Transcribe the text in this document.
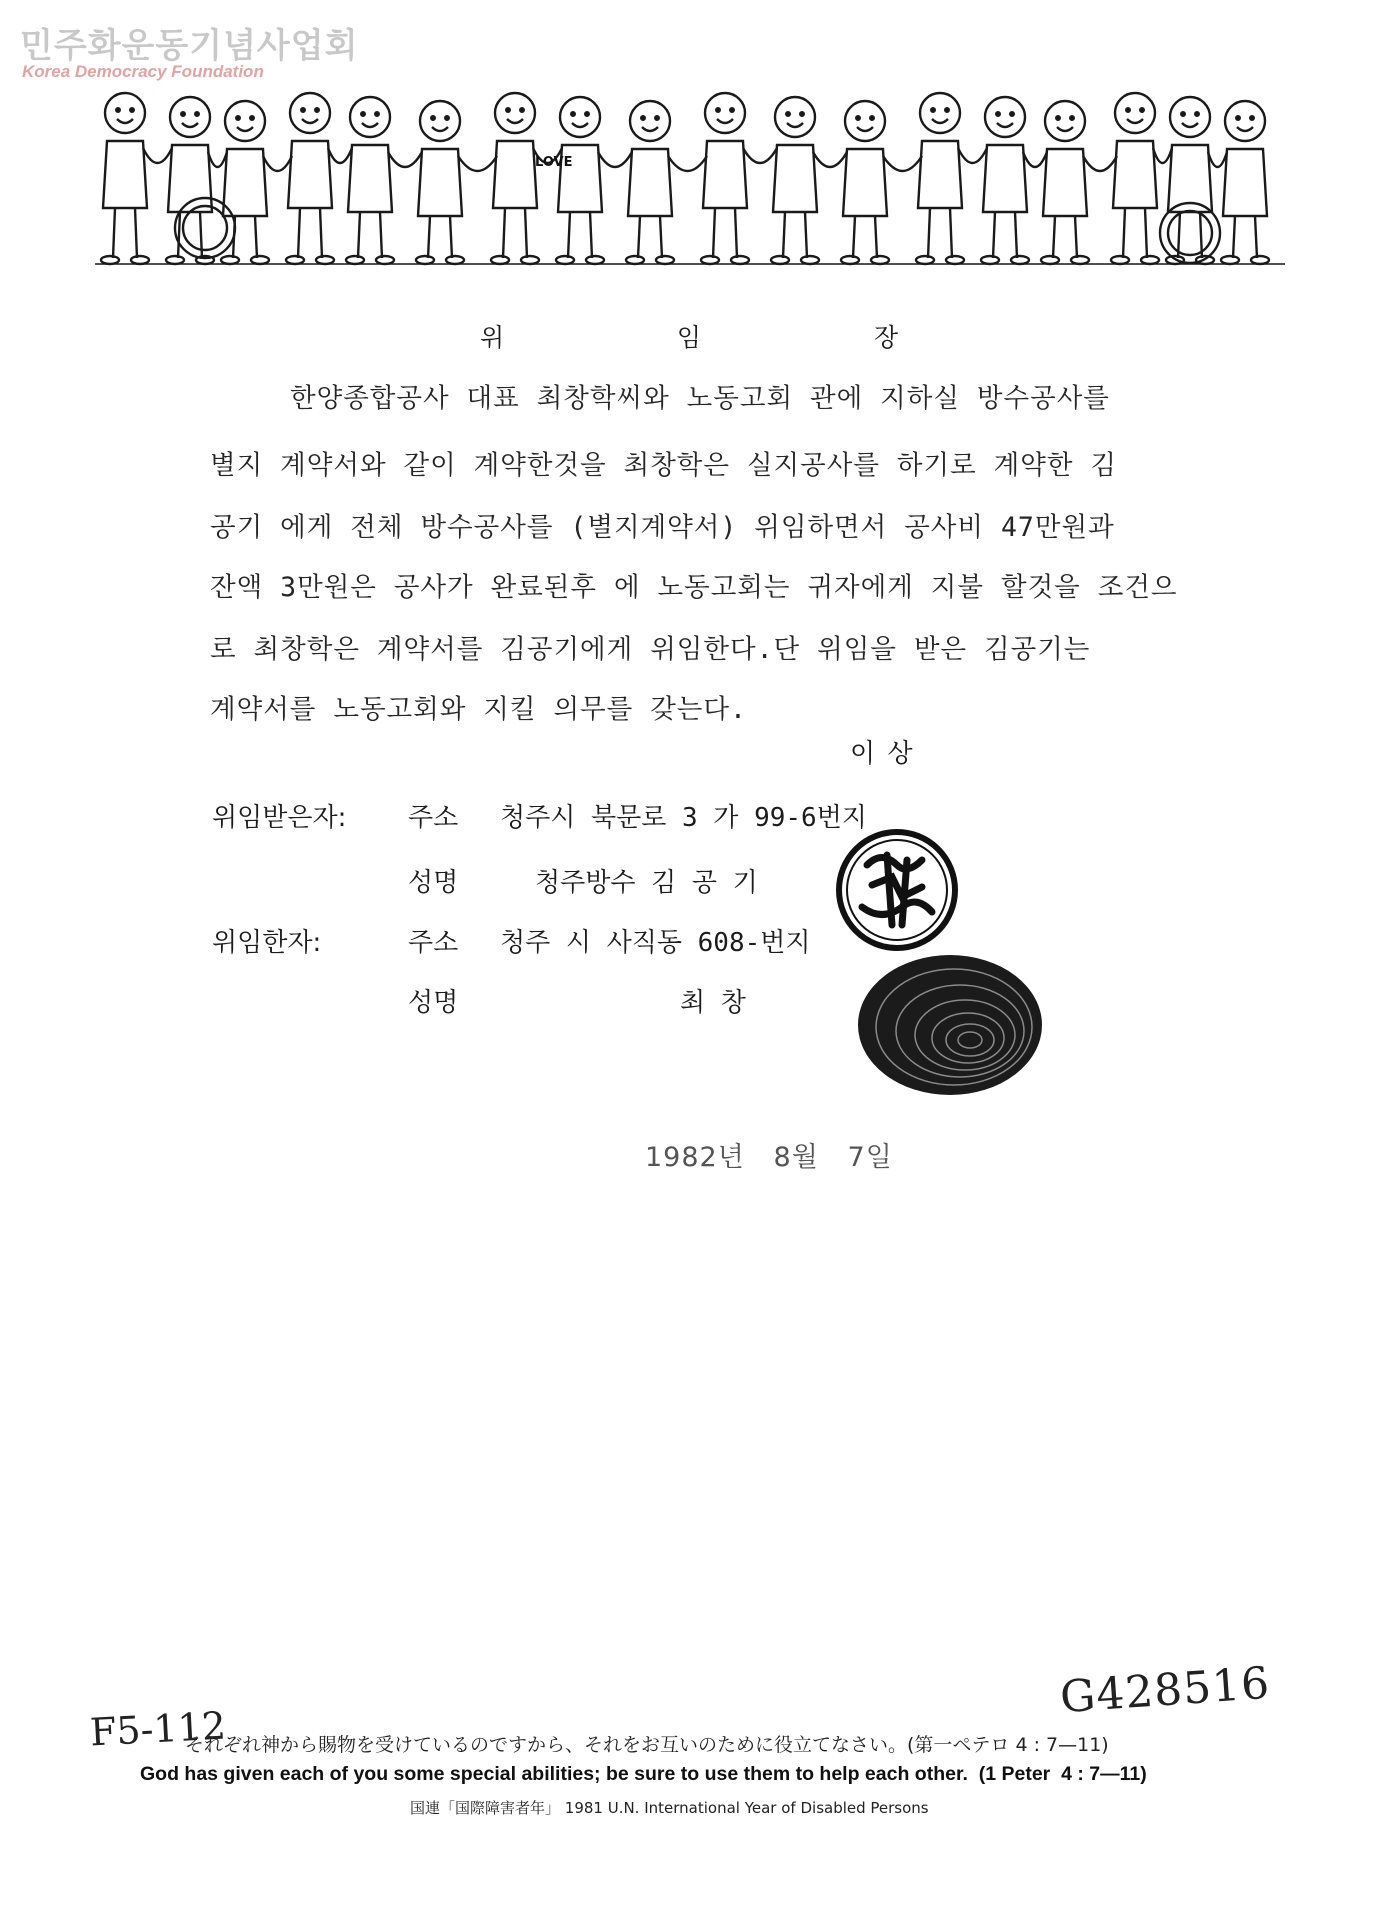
민주화운동기념사업회
Korea Democracy Foundation
LOVE
위	임	장
한양종합공사 대표 최창학씨와 노동고회 관에 지하실 방수공사를
별지 계약서와 같이 계약한것을 최창학은 실지공사를 하기로 계약한 김
공기 에게 전체 방수공사를 (별지계약서) 위임하면서 공사비 47만원과
잔액 3만원은 공사가 완료된후 에 노동고회는 귀자에게 지불 할것을 조건으
로 최창학은 계약서를 김공기에게 위임한다.단 위임을 받은 김공기는
계약서를 노동고회와 지킬 의무를 갖는다.
이 상
위임받은자: 주소 청주시 북문로 3 가 99-6번지
성명	청주방수 김 공 기
위임한자:	주소 청주 시 사직동 608-번지
성명	최 창
1982년   8월   7일
G428516
F5-112
それぞれ神から賜物を受けているのですから、それをお互いのために役立てなさい。(第一ペテロ 4 : 7—11)
God has given each of you some special abilities; be sure to use them to help each other.  (1 Peter  4 : 7—11)
国連「国際障害者年」 1981 U.N. International Year of Disabled Persons
